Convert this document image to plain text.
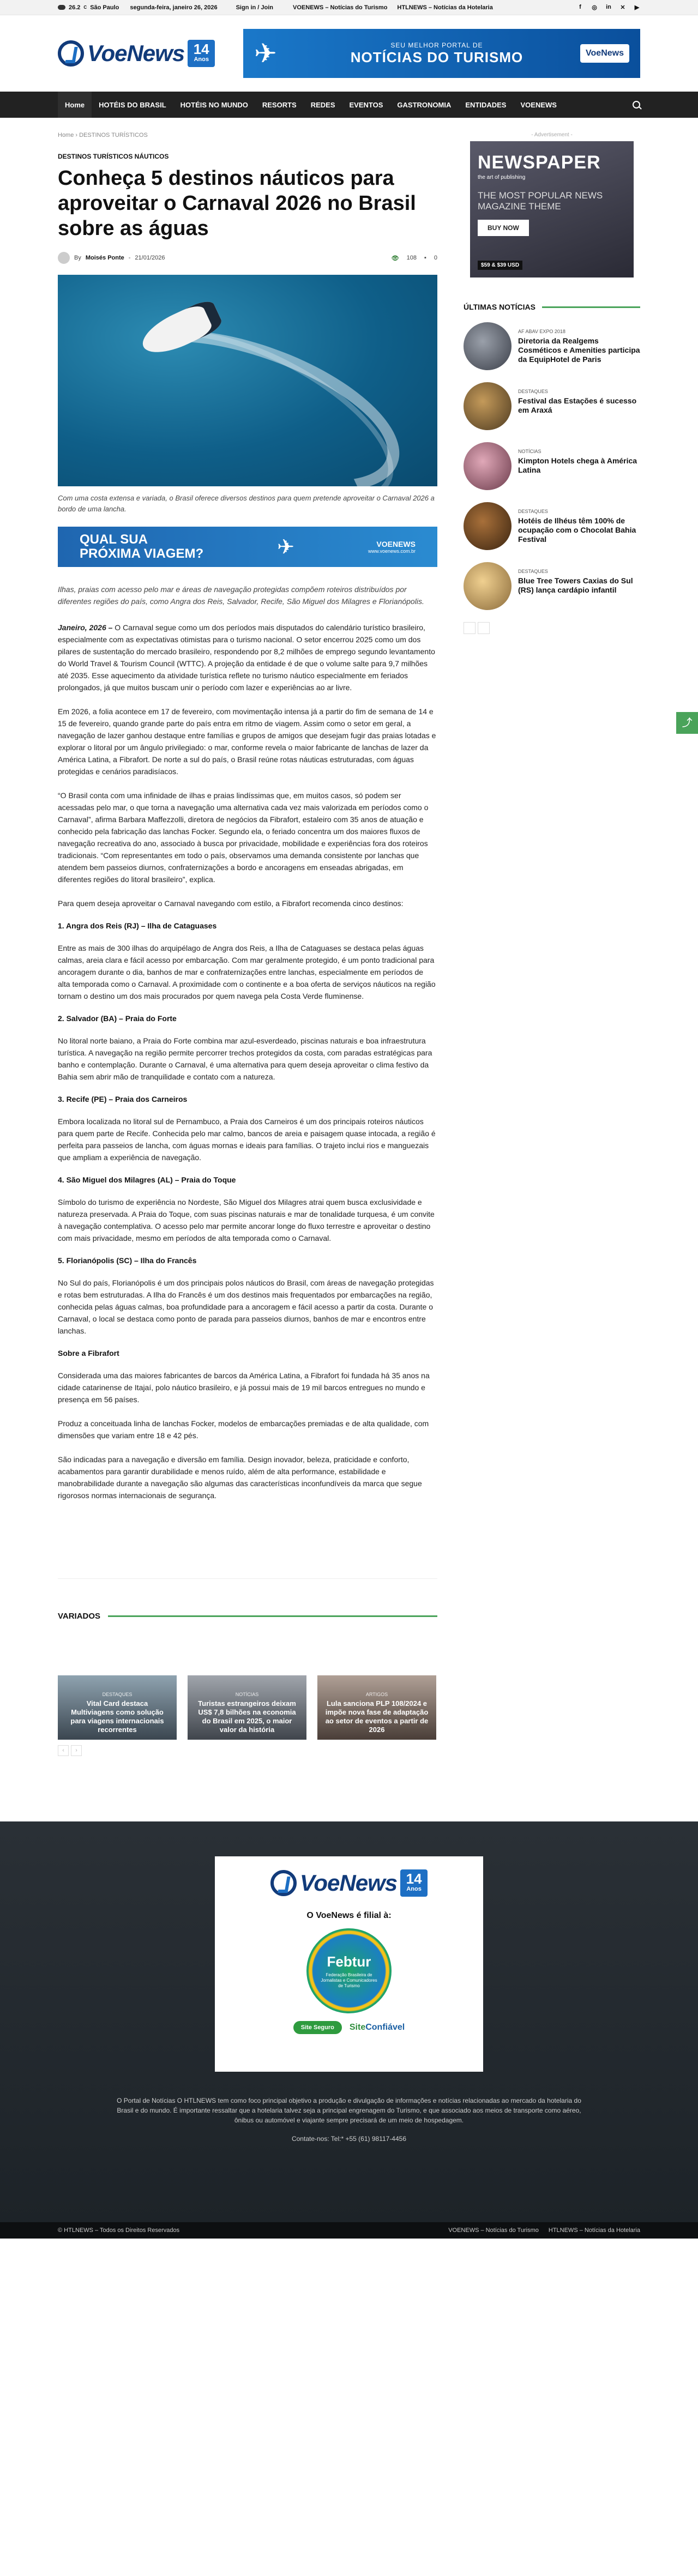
26.2 C São Paulo segunda-feira, janeiro 26, 2026	Sign in / Join	VOENEWS – Notícias do Turismo HTLNEWS – Notícias da Hotelaria	f	◎ in ✕ ▶
VoeNews 14
Anos ✈	SEU MELHOR PORTAL DE
NOTÍCIAS DO TURISMO	VoeNews
Home	HOTÉIS DO BRASIL	HOTÉIS NO MUNDO	RESORTS	REDES	EVENTOS	GASTRONOMIA	ENTIDADES	VOENEWS
Home › DESTINOS TURÍSTICOS
DESTINOS TURÍSTICOS NÁUTICOS
Conheça 5 destinos náuticos para aproveitar o Carnaval 2026 no Brasil sobre as águas
By Moisés Ponte - 21/01/2026	👁 108 ▪ 0

Com uma costa extensa e variada, o Brasil oferece diversos destinos para quem pretende aproveitar o Carnaval 2026 a bordo de uma lancha.

QUAL SUA
PRÓXIMA VIAGEM?	✈	VOENEWS
www.voenews.com.br

Ilhas, praias com acesso pelo mar e áreas de navegação protegidas compõem roteiros distribuídos por diferentes regiões do país, como Angra dos Reis, Salvador, Recife, São Miguel dos Milagres e Florianópolis.

Janeiro, 2026 – O Carnaval segue como um dos períodos mais disputados do calendário turístico brasileiro, especialmente com as expectativas otimistas para o turismo nacional. O setor encerrou 2025 como um dos pilares de sustentação do mercado brasileiro, respondendo por 8,2 milhões de emprego segundo levantamento do World Travel & Tourism Council (WTTC). A projeção da entidade é de que o volume salte para 9,7 milhões até 2035. Esse aquecimento da atividade turística reflete no turismo náutico especialmente em feriados prolongados, já que muitos buscam unir o período com lazer e experiências ao ar livre.

Em 2026, a folia acontece em 17 de fevereiro, com movimentação intensa já a partir do fim de semana de 14 e 15 de fevereiro, quando grande parte do país entra em ritmo de viagem. Assim como o setor em geral, a navegação de lazer ganhou destaque entre famílias e grupos de amigos que desejam fugir das praias lotadas e explorar o litoral por um ângulo privilegiado: o mar, conforme revela o maior fabricante de lanchas de lazer da América Latina, a Fibrafort. De norte a sul do país, o Brasil reúne rotas náuticas estruturadas, com águas protegidas e cenários paradisíacos.

“O Brasil conta com uma infinidade de ilhas e praias lindíssimas que, em muitos casos, só podem ser acessadas pelo mar, o que torna a navegação uma alternativa cada vez mais valorizada em períodos como o Carnaval”, afirma Barbara Maffezzolli, diretora de negócios da Fibrafort, estaleiro com 35 anos de atuação e conhecido pela fabricação das lanchas Focker. Segundo ela, o feriado concentra um dos maiores fluxos de navegação recreativa do ano, associado à busca por privacidade, mobilidade e experiências fora dos roteiros tradicionais. “Com representantes em todo o país, observamos uma demanda consistente por lanchas que atendem bem passeios diurnos, confraternizações a bordo e ancoragens em enseadas abrigadas, em diferentes regiões do litoral brasileiro”, explica.

Para quem deseja aproveitar o Carnaval navegando com estilo, a Fibrafort recomenda cinco destinos:

1. Angra dos Reis (RJ) – Ilha de Cataguases

Entre as mais de 300 ilhas do arquipélago de Angra dos Reis, a Ilha de Cataguases se destaca pelas águas calmas, areia clara e fácil acesso por embarcação. Com mar geralmente protegido, é um ponto tradicional para ancoragem durante o dia, banhos de mar e confraternizações entre lanchas, especialmente em períodos de alta temporada como o Carnaval. A proximidade com o continente e a boa oferta de serviços náuticos na região tornam o destino um dos mais procurados por quem navega pela Costa Verde fluminense.

2. Salvador (BA) – Praia do Forte

No litoral norte baiano, a Praia do Forte combina mar azul-esverdeado, piscinas naturais e boa infraestrutura turística. A navegação na região permite percorrer trechos protegidos da costa, com paradas estratégicas para banho e contemplação. Durante o Carnaval, é uma alternativa para quem deseja aproveitar o clima festivo da Bahia sem abrir mão de tranquilidade e contato com a natureza.

3. Recife (PE) – Praia dos Carneiros

Embora localizada no litoral sul de Pernambuco, a Praia dos Carneiros é um dos principais roteiros náuticos para quem parte de Recife. Conhecida pelo mar calmo, bancos de areia e paisagem quase intocada, a região é perfeita para passeios de lancha, com águas mornas e ideais para famílias. O trajeto inclui rios e manguezais que ampliam a experiência de navegação.

4. São Miguel dos Milagres (AL) – Praia do Toque

Símbolo do turismo de experiência no Nordeste, São Miguel dos Milagres atrai quem busca exclusividade e natureza preservada. A Praia do Toque, com suas piscinas naturais e mar de tonalidade turquesa, é um convite à navegação contemplativa. O acesso pelo mar permite ancorar longe do fluxo terrestre e aproveitar o destino com mais privacidade, mesmo em períodos de alta temporada como o Carnaval.

5. Florianópolis (SC) – Ilha do Francês

No Sul do país, Florianópolis é um dos principais polos náuticos do Brasil, com áreas de navegação protegidas e rotas bem estruturadas. A Ilha do Francês é um dos destinos mais frequentados por embarcações na região, conhecida pelas águas calmas, boa profundidade para a ancoragem e fácil acesso a partir da costa. Durante o Carnaval, o local se destaca como ponto de parada para passeios diurnos, banhos de mar e encontros entre lanchas.

Sobre a Fibrafort

Considerada uma das maiores fabricantes de barcos da América Latina, a Fibrafort foi fundada há 35 anos na cidade catarinense de Itajaí, polo náutico brasileiro, e já possui mais de 19 mil barcos entregues no mundo e presença em 56 países.

Produz a conceituada linha de lanchas Focker, modelos de embarcações premiadas e de alta qualidade, com dimensões que variam entre 18 e 42 pés.

São indicadas para a navegação e diversão em família. Design inovador, beleza, praticidade e conforto, acabamentos para garantir durabilidade e menos ruído, além de alta performance, estabilidade e manobrabilidade durante a navegação são algumas das características inconfundíveis da marca que segue rigorosos normas internacionais de segurança.

VARIADOS
DESTAQUES
Vital Card destaca Multiviagens como solução para viagens internacionais recorrentes
NOTÍCIAS
Turistas estrangeiros deixam US$ 7,8 bilhões na economia do Brasil em 2025, o maior valor da história
ARTIGOS
Lula sanciona PLP 108/2024 e impõe nova fase de adaptação ao setor de eventos a partir de 2026
‹	›
- Advertisement -
NEWSPAPER
the art of publishing
THE MOST POPULAR NEWS MAGAZINE THEME
BUY NOW
$59 & $39 USD
ÚLTIMAS NOTÍCIAS
AF ABAV EXPO 2018
Diretoria da Realgems Cosméticos e Amenities participa da EquipHotel de Paris
DESTAQUES
Festival das Estações é sucesso em Araxá
NOTÍCIAS
Kimpton Hotels chega à América Latina
DESTAQUES
Hotéis de Ilhéus têm 100% de ocupação com o Chocolat Bahia Festival
DESTAQUES
Blue Tree Towers Caxias do Sul (RS) lança cardápio infantil
⤴
VoeNews 14
Anos
O VoeNews é filial à:
Febtur
Federação Brasileira de Jornalistas e Comunicadores de Turismo
Site Seguro	SiteConfiável

O Portal de Notícias O HTLNEWS tem como foco principal objetivo a produção e divulgação de informações e notícias relacionadas ao mercado da hotelaria do Brasil e do mundo. É importante ressaltar que a hotelaria talvez seja a principal engrenagem do Turismo, e que associado aos meios de transporte como aéreo, ônibus ou automóvel e viajante sempre precisará de um meio de hospedagem.

Contate-nos: Tel:* +55 (61) 98117-4456

© HTLNEWS – Todos os Direitos Reservados	VOENEWS – Notícias do Turismo HTLNEWS – Notícias da Hotelaria
